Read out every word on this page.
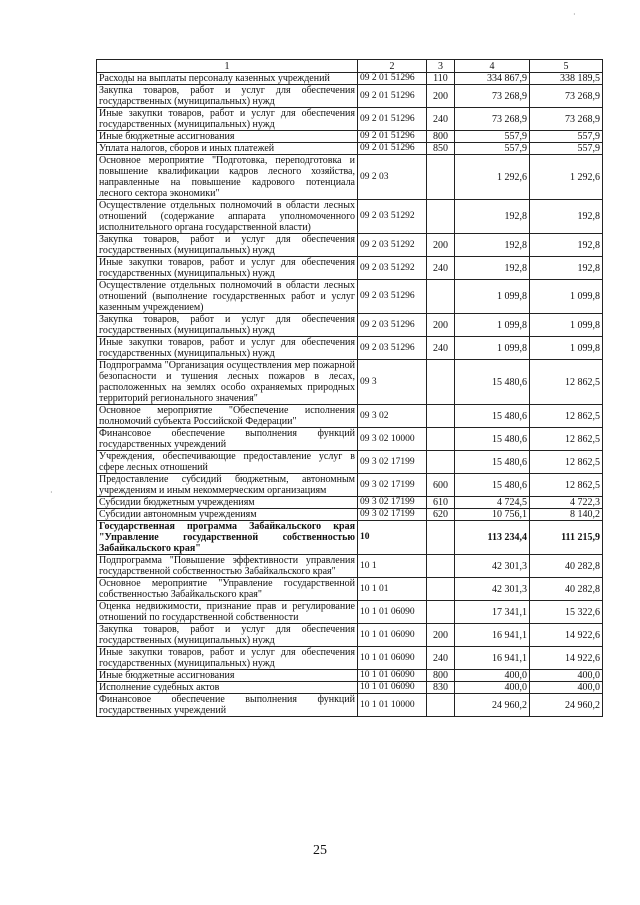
·
·
1	2	3	4	5
Расходы на выплаты персоналу казенных учреждений	09 2 01 51296	110	334 867,9	338 189,5
Закупка товаров, работ и услуг для обеспечения государственных (муниципальных) нужд	09 2 01 51296	200	73 268,9	73 268,9
Иные закупки товаров, работ и услуг для обеспечения государственных (муниципальных) нужд	09 2 01 51296	240	73 268,9	73 268,9
Иные бюджетные ассигнования	09 2 01 51296	800	557,9	557,9
Уплата налогов, сборов и иных платежей	09 2 01 51296	850	557,9	557,9
Основное мероприятие "Подготовка, переподготовка и повышение квалификации кадров лесного хозяйства, направленные на повышение кадрового потенциала лесного сектора экономики"	09 2 03		1 292,6	1 292,6
Осуществление отдельных полномочий в области лесных отношений (содержание аппарата уполномоченного исполнительного органа государственной власти)	09 2 03 51292		192,8	192,8
Закупка товаров, работ и услуг для обеспечения государственных (муниципальных) нужд	09 2 03 51292	200	192,8	192,8
Иные закупки товаров, работ и услуг для обеспечения государственных (муниципальных) нужд	09 2 03 51292	240	192,8	192,8
Осуществление отдельных полномочий в области лесных отношений (выполнение государственных работ и услуг казенным учреждением)	09 2 03 51296		1 099,8	1 099,8
Закупка товаров, работ и услуг для обеспечения государственных (муниципальных) нужд	09 2 03 51296	200	1 099,8	1 099,8
Иные закупки товаров, работ и услуг для обеспечения государственных (муниципальных) нужд	09 2 03 51296	240	1 099,8	1 099,8
Подпрограмма "Организация осуществления мер пожарной безопасности и тушения лесных пожаров в лесах, расположенных на землях особо охраняемых природных территорий регионального значения"	09 3		15 480,6	12 862,5
Основное мероприятие "Обеспечение исполнения полномочий субъекта Российской Федерации"	09 3 02		15 480,6	12 862,5
Финансовое обеспечение выполнения функций государственных учреждений	09 3 02 10000		15 480,6	12 862,5
Учреждения, обеспечивающие предоставление услуг в сфере лесных отношений	09 3 02 17199		15 480,6	12 862,5
Предоставление субсидий бюджетным, автономным учреждениям и иным некоммерческим организациям	09 3 02 17199	600	15 480,6	12 862,5
Субсидии бюджетным учреждениям	09 3 02 17199	610	4 724,5	4 722,3
Субсидии автономным учреждениям	09 3 02 17199	620	10 756,1	8 140,2
Государственная программа Забайкальского края "Управление государственной собственностью Забайкальского края"	10		113 234,4	111 215,9
Подпрограмма "Повышение эффективности управления государственной собственностью Забайкальского края"	10 1		42 301,3	40 282,8
Основное мероприятие "Управление государственной собственностью Забайкальского края"	10 1 01		42 301,3	40 282,8
Оценка недвижимости, признание прав и регулирование отношений по государственной собственности	10 1 01 06090		17 341,1	15 322,6
Закупка товаров, работ и услуг для обеспечения государственных (муниципальных) нужд	10 1 01 06090	200	16 941,1	14 922,6
Иные закупки товаров, работ и услуг для обеспечения государственных (муниципальных) нужд	10 1 01 06090	240	16 941,1	14 922,6
Иные бюджетные ассигнования	10 1 01 06090	800	400,0	400,0
Исполнение судебных актов	10 1 01 06090	830	400,0	400,0
Финансовое обеспечение выполнения функций государственных учреждений	10 1 01 10000		24 960,2	24 960,2
25
